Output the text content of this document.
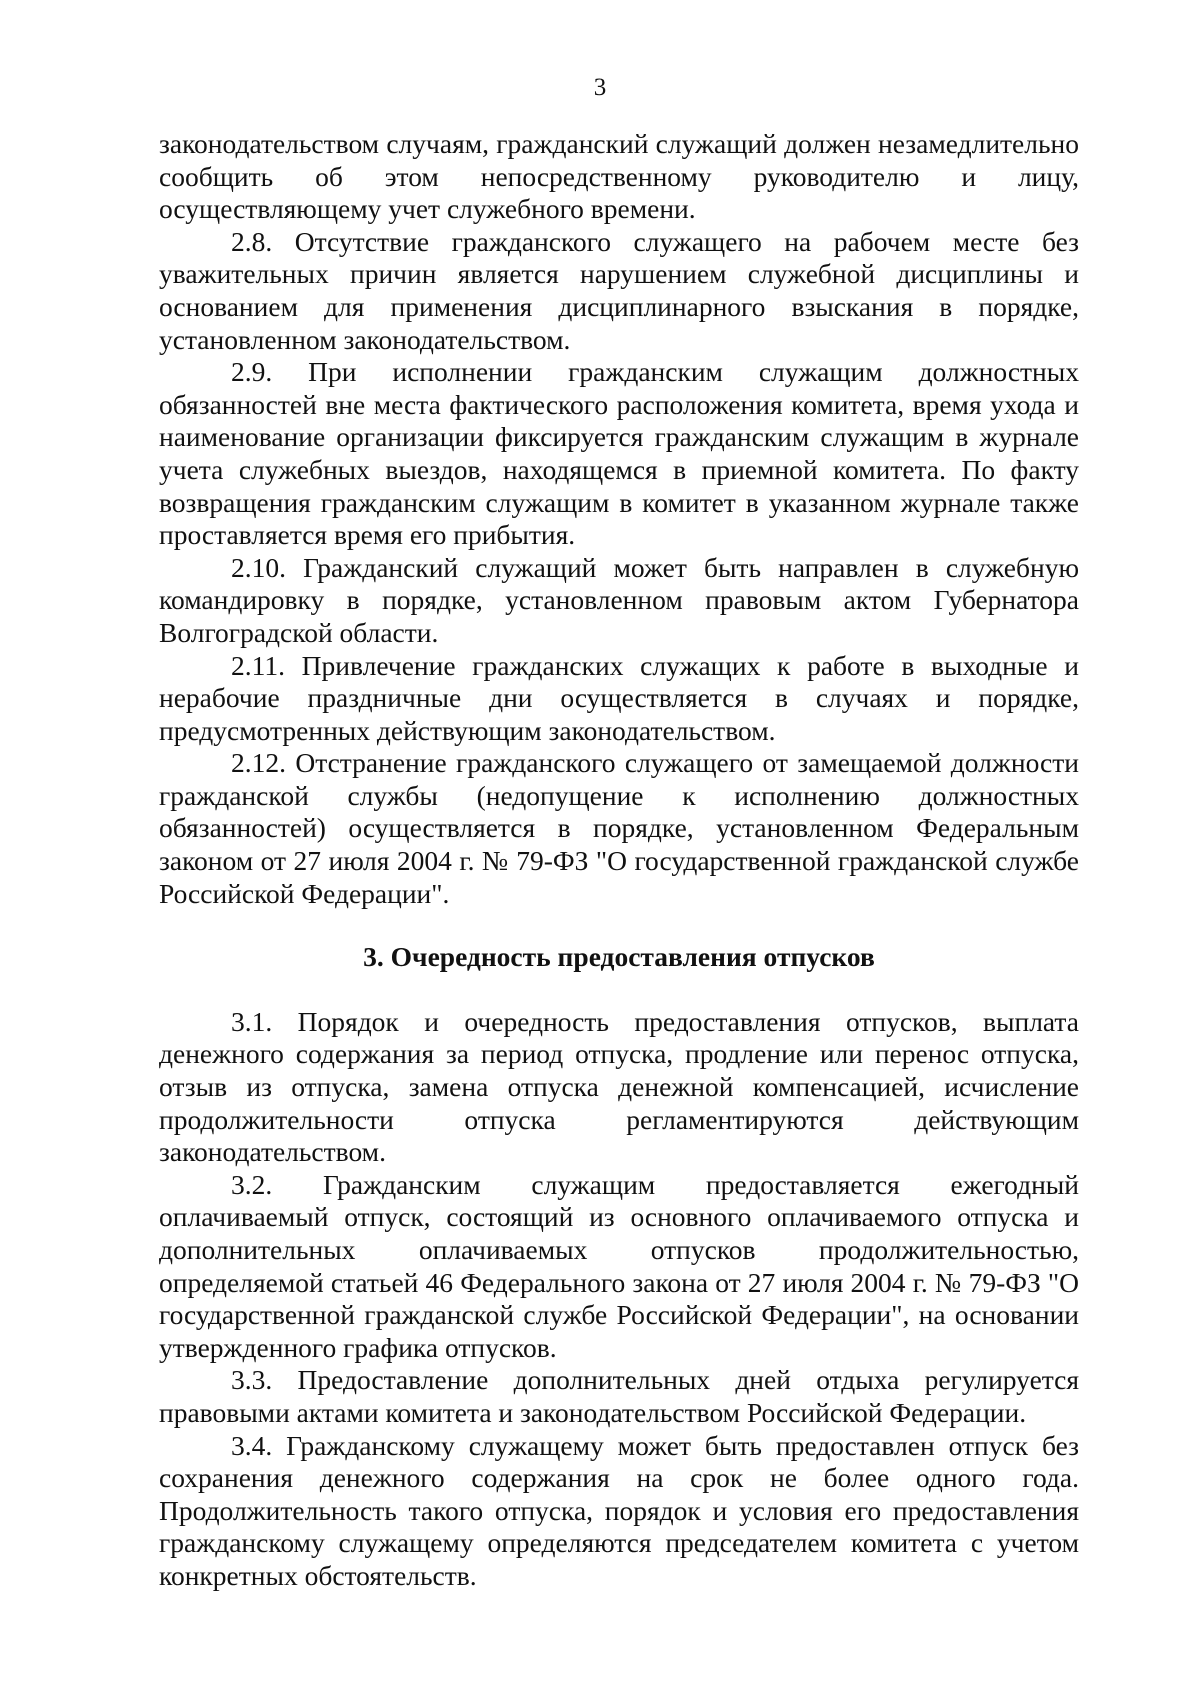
3

законодательством случаям, гражданский служащий должен незамедлительно сообщить об этом непосредственному руководителю и лицу, осуществляющему учет служебного времени.

2.8. Отсутствие гражданского служащего на рабочем месте без уважительных причин является нарушением служебной дисциплины и основанием для применения дисциплинарного взыскания в порядке, установленном законодательством.

2.9. При исполнении гражданским служащим должностных обязанностей вне места фактического расположения комитета, время ухода и наименование организации фиксируется гражданским служащим в журнале учета служебных выездов, находящемся в приемной комитета. По факту возвращения гражданским служащим в комитет в указанном журнале также проставляется время его прибытия.

2.10. Гражданский служащий может быть направлен в служебную командировку в порядке, установленном правовым актом Губернатора Волгоградской области.

2.11. Привлечение гражданских служащих к работе в выходные и нерабочие праздничные дни осуществляется в случаях и порядке, предусмотренных действующим законодательством.

2.12. Отстранение гражданского служащего от замещаемой должности гражданской службы (недопущение к исполнению должностных обязанностей) осуществляется в порядке, установленном Федеральным законом от 27 июля 2004 г. № 79-ФЗ "О государственной гражданской службе Российской Федерации".

3. Очередность предоставления отпусков

3.1. Порядок и очередность предоставления отпусков, выплата денежного содержания за период отпуска, продление или перенос отпуска, отзыв из отпуска, замена отпуска денежной компенсацией, исчисление продолжительности отпуска регламентируются действующим законодательством.

3.2. Гражданским служащим предоставляется ежегодный оплачиваемый отпуск, состоящий из основного оплачиваемого отпуска и дополнительных оплачиваемых отпусков продолжительностью, определяемой статьей 46 Федерального закона от 27 июля 2004 г. № 79-ФЗ "О государственной гражданской службе Российской Федерации", на основании утвержденного графика отпусков.

3.3. Предоставление дополнительных дней отдыха регулируется правовыми актами комитета и законодательством Российской Федерации.

3.4. Гражданскому служащему может быть предоставлен отпуск без сохранения денежного содержания на срок не более одного года. Продолжительность такого отпуска, порядок и условия его предоставления гражданскому служащему определяются председателем комитета с учетом конкретных обстоятельств.
